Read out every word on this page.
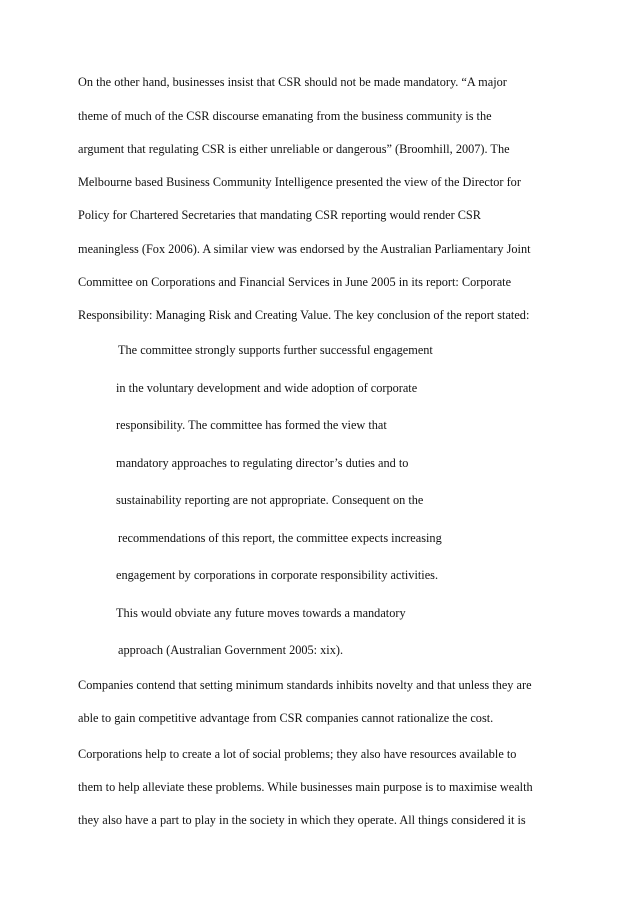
On the other hand, businesses insist that CSR should not be made mandatory. “A major
theme of much of the CSR discourse emanating from the business community is the
argument that regulating CSR is either unreliable or dangerous” (Broomhill, 2007). The
Melbourne based Business Community Intelligence presented the view of the Director for
Policy for Chartered Secretaries that mandating CSR reporting would render CSR
meaningless (Fox 2006). A similar view was endorsed by the Australian Parliamentary Joint
Committee on Corporations and Financial Services in June 2005 in its report: Corporate
Responsibility: Managing Risk and Creating Value. The key conclusion of the report stated:
The committee strongly supports further successful engagement
in the voluntary development and wide adoption of corporate
responsibility. The committee has formed the view that
mandatory approaches to regulating director’s duties and to
sustainability reporting are not appropriate. Consequent on the
recommendations of this report, the committee expects increasing
engagement by corporations in corporate responsibility activities.
This would obviate any future moves towards a mandatory
approach (Australian Government 2005: xix).
Companies contend that setting minimum standards inhibits novelty and that unless they are
able to gain competitive advantage from CSR companies cannot rationalize the cost.
Corporations help to create a lot of social problems; they also have resources available to
them to help alleviate these problems. While businesses main purpose is to maximise wealth
they also have a part to play in the society in which they operate. All things considered it is
